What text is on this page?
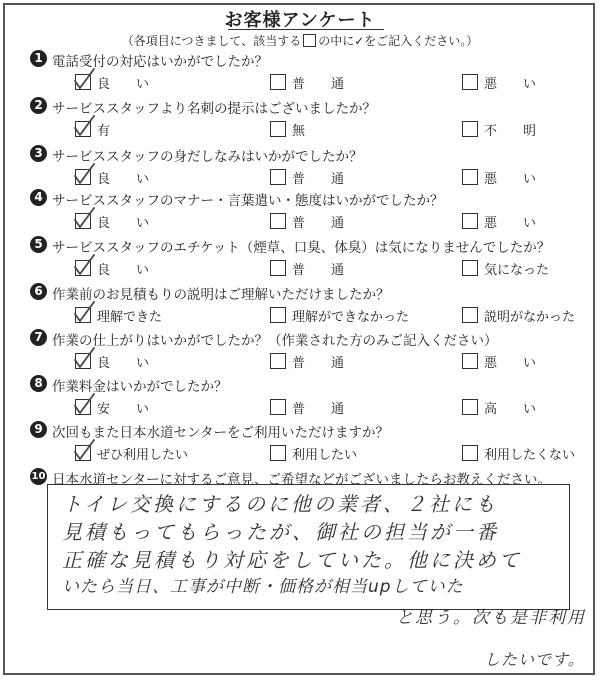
お客様アンケート
（各項目につきまして、該当する の中に✓をご記入ください。）
1 電話受付の対応はいかがでしたか？
良　　い	普　　通	悪　　い
2 サービススタッフより名刺の提示はございましたか？
有	無	不　　明
3 サービススタッフの身だしなみはいかがでしたか？
良　　い	普　　通	悪　　い
4 サービススタッフのマナー・言葉遣い・態度はいかがでしたか？
良　　い	普　　通	悪　　い
5 サービススタッフのエチケット（煙草、口臭、体臭）は気になりませんでしたか？
良　　い	普　　通	気になった
6 作業前のお見積もりの説明はご理解いただけましたか？
理解できた	理解ができなかった	説明がなかった
7 作業の仕上がりはいかがでしたか？（作業された方のみご記入ください）
良　　い	普　　通	悪　　い
8 作業料金はいかがでしたか？
安　　い	普　　通	高　　い
9 次回もまた日本水道センターをご利用いただけますか？
ぜひ利用したい	利用したい	利用したくない
10 日本水道センターに対するご意見、ご希望などがございましたらお教えください。
トイレ交換にするのに他の業者、２社にも
見積もってもらったが、御社の担当が一番
正確な見積もり対応をしていた。他に決めて
いたら当日、工事が中断・価格が相当upしていた
と思う。次も是非利用
したいです。
